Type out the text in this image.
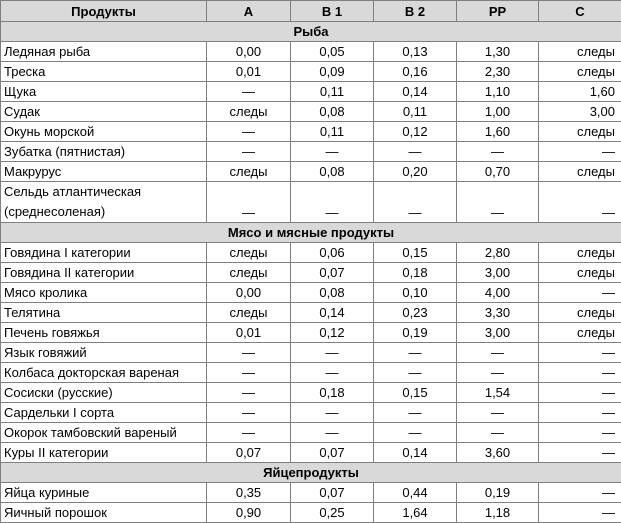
Продукты	A	B 1	B 2	PP	C
Рыба					
Ледяная рыба	0,00	0,05	0,13	1,30	следы
Треска	0,01	0,09	0,16	2,30	следы
Щука	—	0,11	0,14	1,10	1,60
Судак	следы	0,08	0,11	1,00	3,00
Окунь морской	—	0,11	0,12	1,60	следы
Зубатка (пятнистая)	—	—	—	—	—
Макрурус	следы	0,08	0,20	0,70	следы
Сельдь атлантическая (среднесоленая)	—	—	—	—	—
Мясо и мясные продукты					
Говядина I категории	следы	0,06	0,15	2,80	следы
Говядина II категории	следы	0,07	0,18	3,00	следы
Мясо кролика	0,00	0,08	0,10	4,00	—
Телятина	следы	0,14	0,23	3,30	следы
Печень говяжья	0,01	0,12	0,19	3,00	следы
Язык говяжий	—	—	—	—	—
Колбаса докторская вареная	—	—	—	—	—
Сосиски (русские)	—	0,18	0,15	1,54	—
Сардельки I сорта	—	—	—	—	—
Окорок тамбовский вареный	—	—	—	—	—
Куры II категории	0,07	0,07	0,14	3,60	—
Яйцепродукты					
Яйца куриные	0,35	0,07	0,44	0,19	—
Яичный порошок	0,90	0,25	1,64	1,18	—
